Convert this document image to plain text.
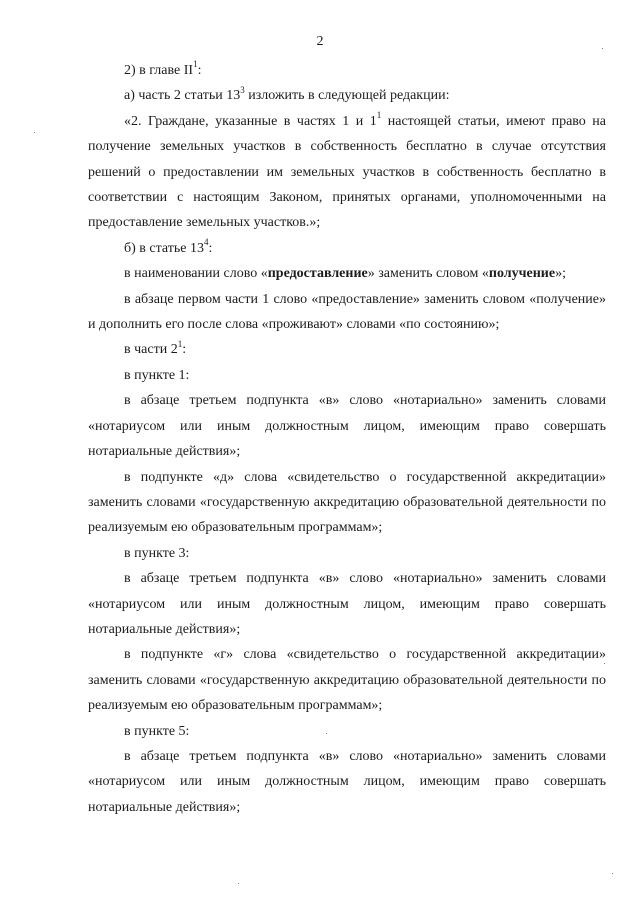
2

2) в главе $II^1$:

а) часть 2 статьи $13^3$ изложить в следующей редакции:

«2. Граждане, указанные в частях 1 и $1^1$ настоящей статьи, имеют право на получение земельных участков в собственность бесплатно в случае отсутствия решений о предоставлении им земельных участков в собственность бесплатно в соответствии с настоящим Законом, принятых органами, уполномоченными на предоставление земельных участков.»;

б) в статье $13^4$:

в наименовании слово «предоставление» заменить словом «получение»;

в абзаце первом части 1 слово «предоставление» заменить словом «получение» и дополнить его после слова «проживают» словами «по состоянию»;

в части $2^1$:

в пункте 1:

в абзаце третьем подпункта «в» слово «нотариально» заменить словами «нотариусом или иным должностным лицом, имеющим право совершать нотариальные действия»;

в подпункте «д» слова «свидетельство о государственной аккредитации» заменить словами «государственную аккредитацию образовательной деятельности по реализуемым ею образовательным программам»;

в пункте 3:

в абзаце третьем подпункта «в» слово «нотариально» заменить словами «нотариусом или иным должностным лицом, имеющим право совершать нотариальные действия»;

в подпункте «г» слова «свидетельство о государственной аккредитации» заменить словами «государственную аккредитацию образовательной деятельности по реализуемым ею образовательным программам»;

в пункте 5:

в абзаце третьем подпункта «в» слово «нотариально» заменить словами «нотариусом или иным должностным лицом, имеющим право совершать нотариальные действия»;
